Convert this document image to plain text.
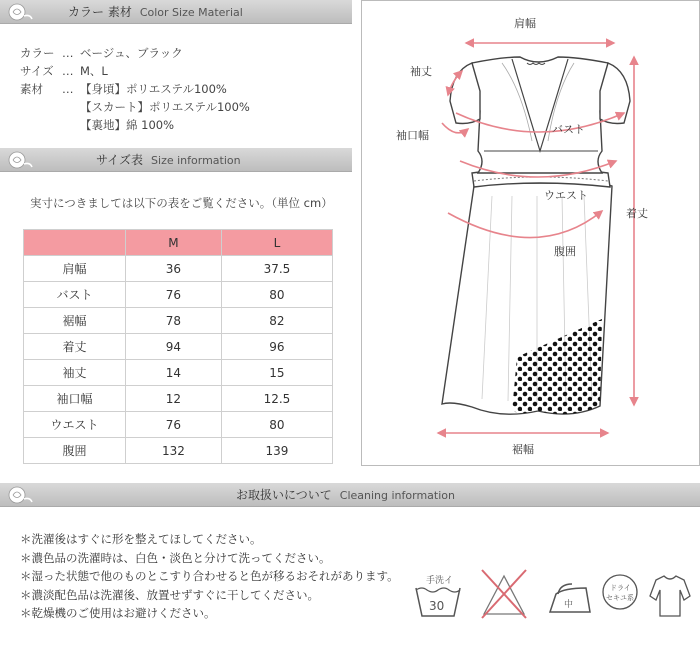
カラー 素材 Color Size Material
カラー … ベージュ、ブラック
サイズ … M、L
素材	… 【身頃】ポリエステル100%
【スカート】ポリエステル100%
【裏地】綿 100%
サイズ表 Size information
実寸につきましては以下の表をご覧ください。（単位 cm）
	M	L
肩幅	36	37.5
バスト	76	80
裾幅	78	82
着丈	94	96
袖丈	14	15
袖口幅	12	12.5
ウエスト	76	80
腹囲	132	139
肩幅
袖丈
袖口幅	バスト
ウエスト
着丈
腹囲
裾幅
お取扱いについて Cleaning information
＊洗濯後はすぐに形を整えてほしてください。
＊濃色品の洗濯時は、白色・淡色と分けて洗ってください。
＊湿った状態で他のものとこすり合わせると色が移るおそれがあります。
＊濃淡配色品は洗濯後、放置せずすぐに干してください。
＊乾燥機のご使用はお避けください。
手洗イ
30	中
ドライ
セキユ系
